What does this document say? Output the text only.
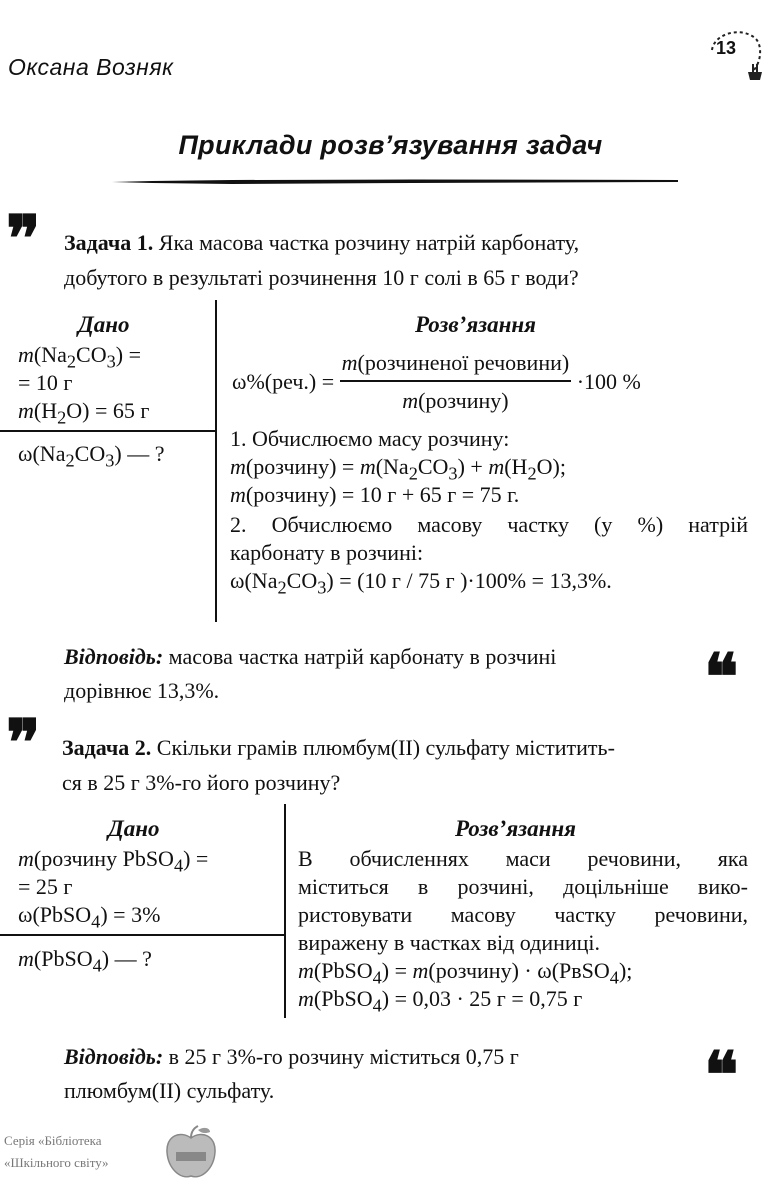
Оксана Возняк
13
Приклади розв’язування задач
❞ Задача 1. Яка масова частка розчину натрій карбонату,
добутого в результаті розчинення 10 г солі в 65 г води?
Дано
$m(Na_2CO_3)$ =
= 10 г
$m(H_2O) = 65$ г
$\omega(Na_2CO_3)$ — ?
Розв’язання
$\omega\%(реч.) = \frac{\text{m(розчиненої речовини)}}{\text{m(розчину)}} \cdot 100$ %
1. Обчислюємо масу розчину:
m(розчину) = $m(Na_2CO_3) + m(H_2O)$;
m(розчину) = 10 г + 65 г = 75 г.
2. Обчислюємо масову частку (у %) натрій
карбонату в розчині:
$\omega(Na_2CO_3) = (10$ г / 75 г )·100% = 13,3%.
Відповідь: масова частка натрій карбонату в розчині
дорівнює 13,3%.	❝
❞ Задача 2. Скільки грамів плюмбум(II) сульфату міститить-
ся в 25 г 3%-го його розчину?
Дано
m(розчину PbSO$_4$) =
= 25 г
ω(PbSO$_4$) = 3%
m(PbSO$_4$) — ?
Розв’язання
В обчисленнях маси речовини, яка
міститься в розчині, доцільніше вико-
ристовувати масову частку речовини,
виражену в частках від одиниці.
m(PbSO$_4$) = m(розчину) · ω(PвSO$_4$);
m(PbSO$_4$) = 0,03 · 25 г = 0,75 г
Відповідь: в 25 г 3%-го розчину міститься 0,75 г
плюмбум(II) сульфату.	❝
Серія «Бібліотека
«Шкільного світу»
